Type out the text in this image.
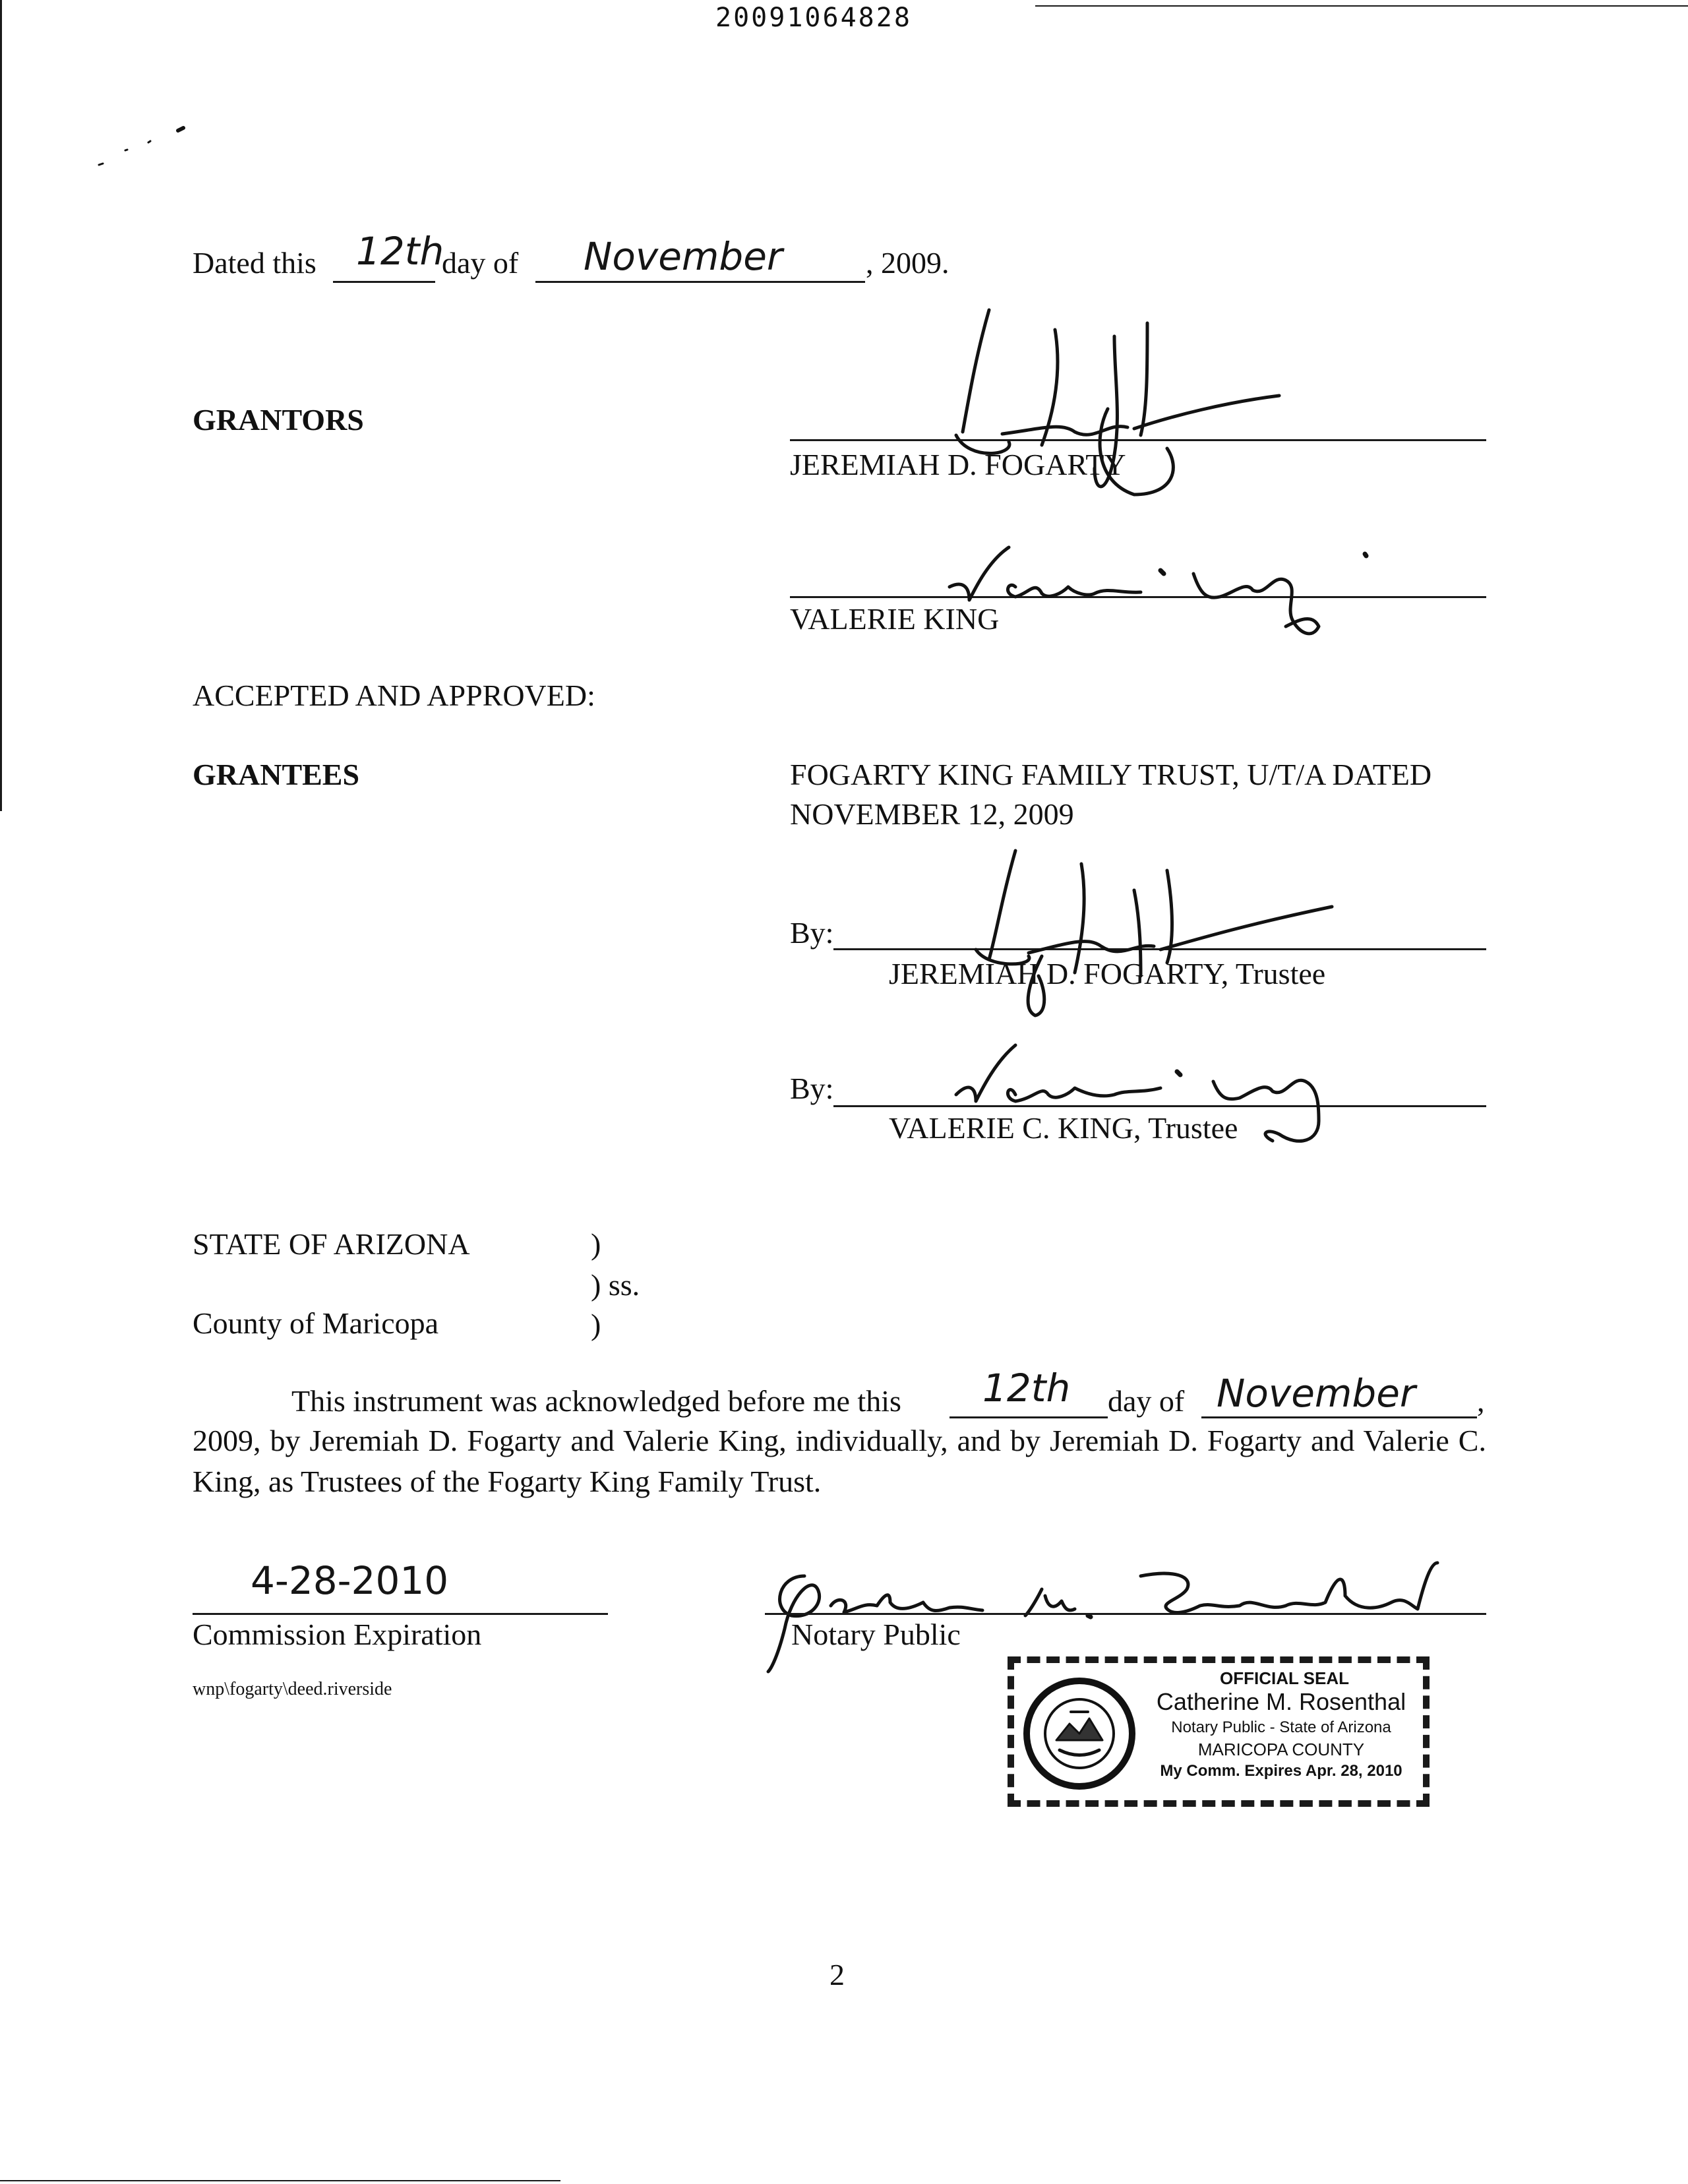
20091064828
Dated this 12th
day of November	, 2009.
GRANTORS
JEREMIAH D. FOGARTY
VALERIE KING
ACCEPTED AND APPROVED:
GRANTEES	FOGARTY KING FAMILY TRUST, U/T/A DATED
NOVEMBER 12, 2009
By:
JEREMIAH D. FOGARTY, Trustee
By:
VALERIE C. KING, Trustee
STATE OF ARIZONA	)
) ss.
County of Maricopa	)
This instrument was acknowledged before me this 12th day of November ,
2009, by Jeremiah D. Fogarty and Valerie King, individually, and by Jeremiah D. Fogarty and Valerie C. King, as Trustees of the Fogarty King Family Trust.
4-28-2010
Commission Expiration
wnp\fogarty\deed.riverside
Notary Public
OFFICIAL SEAL
Catherine M. Rosenthal
Notary Public - State of Arizona
MARICOPA COUNTY
My Comm. Expires Apr. 28, 2010
2
